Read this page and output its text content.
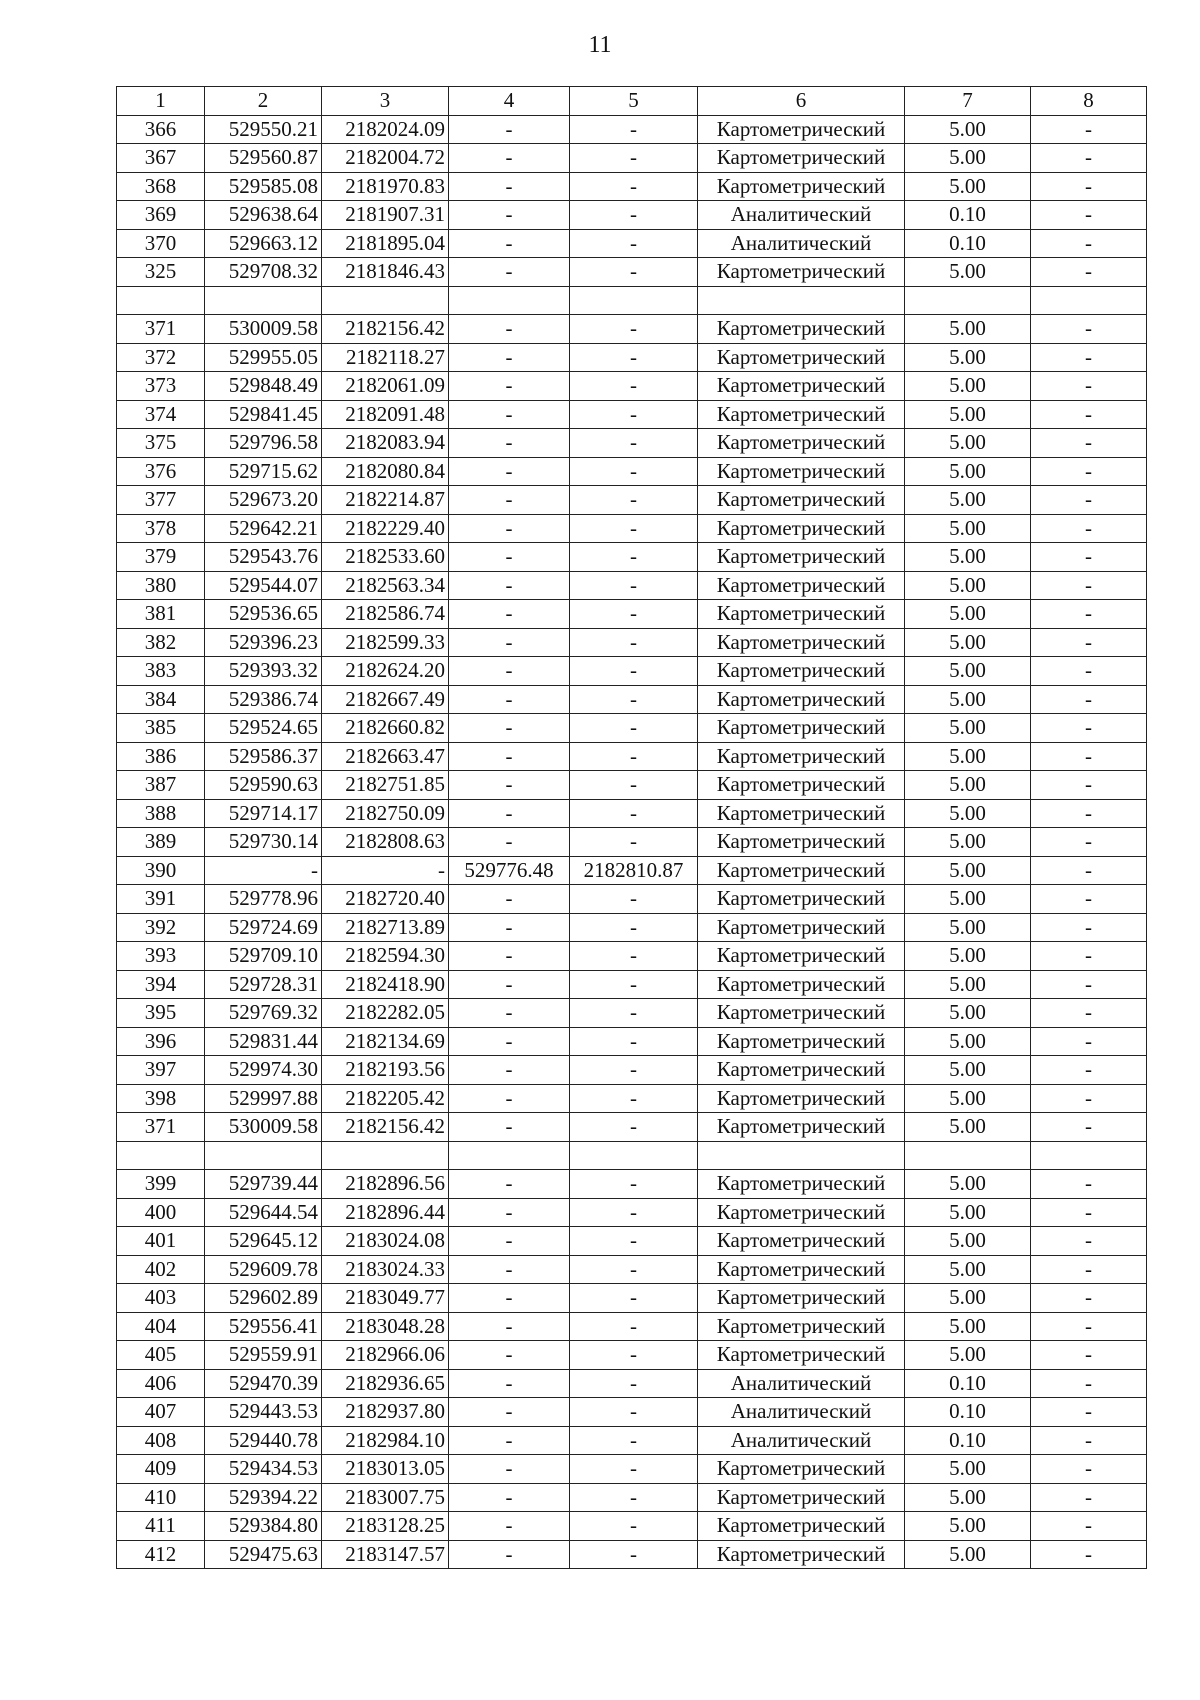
11
1	2	3	4	5	6	7	8
366	529550.21	2182024.09	-	-	Картометрический	5.00	-
367	529560.87	2182004.72	-	-	Картометрический	5.00	-
368	529585.08	2181970.83	-	-	Картометрический	5.00	-
369	529638.64	2181907.31	-	-	Аналитический	0.10	-
370	529663.12	2181895.04	-	-	Аналитический	0.10	-
325	529708.32	2181846.43	-	-	Картометрический	5.00	-

371	530009.58	2182156.42	-	-	Картометрический	5.00	-
372	529955.05	2182118.27	-	-	Картометрический	5.00	-
373	529848.49	2182061.09	-	-	Картометрический	5.00	-
374	529841.45	2182091.48	-	-	Картометрический	5.00	-
375	529796.58	2182083.94	-	-	Картометрический	5.00	-
376	529715.62	2182080.84	-	-	Картометрический	5.00	-
377	529673.20	2182214.87	-	-	Картометрический	5.00	-
378	529642.21	2182229.40	-	-	Картометрический	5.00	-
379	529543.76	2182533.60	-	-	Картометрический	5.00	-
380	529544.07	2182563.34	-	-	Картометрический	5.00	-
381	529536.65	2182586.74	-	-	Картометрический	5.00	-
382	529396.23	2182599.33	-	-	Картометрический	5.00	-
383	529393.32	2182624.20	-	-	Картометрический	5.00	-
384	529386.74	2182667.49	-	-	Картометрический	5.00	-
385	529524.65	2182660.82	-	-	Картометрический	5.00	-
386	529586.37	2182663.47	-	-	Картометрический	5.00	-
387	529590.63	2182751.85	-	-	Картометрический	5.00	-
388	529714.17	2182750.09	-	-	Картометрический	5.00	-
389	529730.14	2182808.63	-	-	Картометрический	5.00	-
390	-	-	529776.48	2182810.87	Картометрический	5.00	-
391	529778.96	2182720.40	-	-	Картометрический	5.00	-
392	529724.69	2182713.89	-	-	Картометрический	5.00	-
393	529709.10	2182594.30	-	-	Картометрический	5.00	-
394	529728.31	2182418.90	-	-	Картометрический	5.00	-
395	529769.32	2182282.05	-	-	Картометрический	5.00	-
396	529831.44	2182134.69	-	-	Картометрический	5.00	-
397	529974.30	2182193.56	-	-	Картометрический	5.00	-
398	529997.88	2182205.42	-	-	Картометрический	5.00	-
371	530009.58	2182156.42	-	-	Картометрический	5.00	-

399	529739.44	2182896.56	-	-	Картометрический	5.00	-
400	529644.54	2182896.44	-	-	Картометрический	5.00	-
401	529645.12	2183024.08	-	-	Картометрический	5.00	-
402	529609.78	2183024.33	-	-	Картометрический	5.00	-
403	529602.89	2183049.77	-	-	Картометрический	5.00	-
404	529556.41	2183048.28	-	-	Картометрический	5.00	-
405	529559.91	2182966.06	-	-	Картометрический	5.00	-
406	529470.39	2182936.65	-	-	Аналитический	0.10	-
407	529443.53	2182937.80	-	-	Аналитический	0.10	-
408	529440.78	2182984.10	-	-	Аналитический	0.10	-
409	529434.53	2183013.05	-	-	Картометрический	5.00	-
410	529394.22	2183007.75	-	-	Картометрический	5.00	-
411	529384.80	2183128.25	-	-	Картометрический	5.00	-
412	529475.63	2183147.57	-	-	Картометрический	5.00	-
